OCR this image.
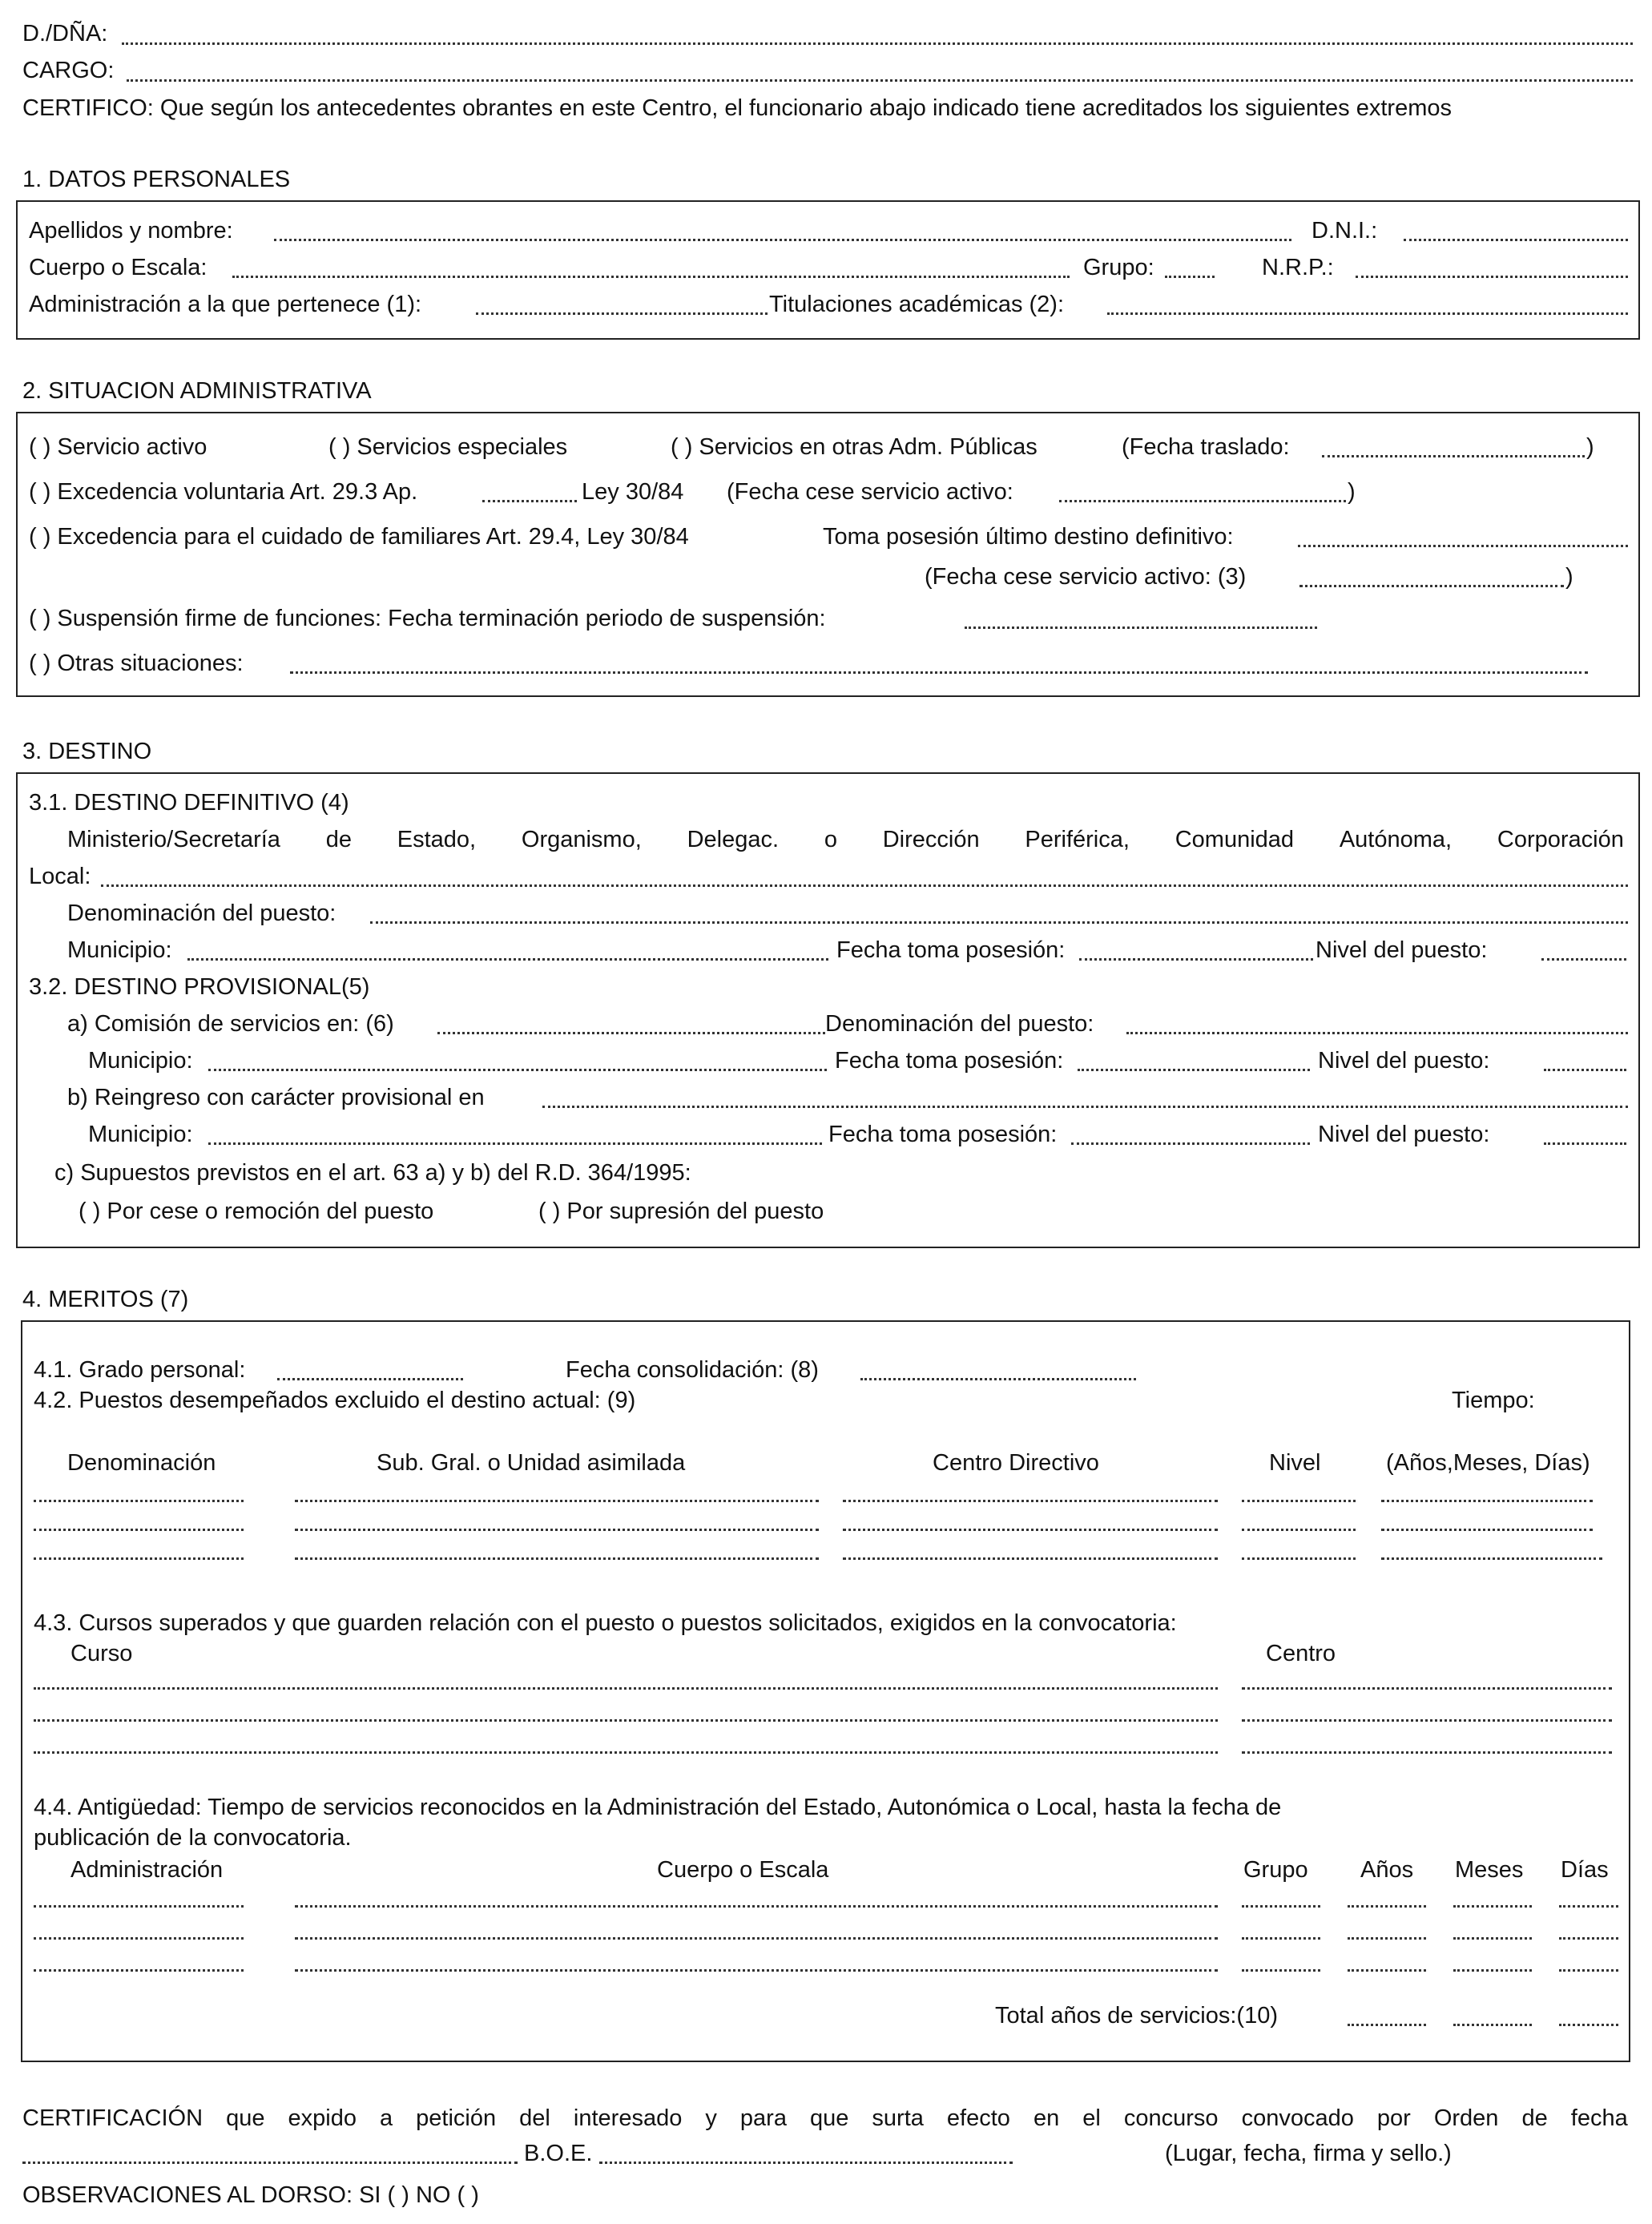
D./DÑA:
CARGO:
CERTIFICO: Que según los antecedentes obrantes en este Centro, el funcionario abajo indicado tiene acreditados los siguientes extremos
1. DATOS PERSONALES
Apellidos y nombre:	D.N.I.:
Cuerpo o Escala:	Grupo:	N.R.P.:
Administración a la que pertenece (1):	Titulaciones académicas (2):
2. SITUACION ADMINISTRATIVA
( ) Servicio activo	( ) Servicios especiales	( ) Servicios en otras Adm. Públicas	(Fecha traslado:	)
( ) Excedencia voluntaria Art. 29.3 Ap.	Ley 30/84 (Fecha cese servicio activo:	)
( ) Excedencia para el cuidado de familiares Art. 29.4, Ley 30/84	Toma posesión último destino definitivo:
(Fecha cese servicio activo: (3)	)
( ) Suspensión firme de funciones: Fecha terminación periodo de suspensión:
( ) Otras situaciones:
3. DESTINO
3.1. DESTINO DEFINITIVO (4)
Ministerio/Secretaría de Estado, Organismo, Delegac. o Dirección Periférica, Comunidad Autónoma, Corporación
Local:
Denominación del puesto:
Municipio:	Fecha toma posesión:	Nivel del puesto:
3.2. DESTINO PROVISIONAL(5)
a) Comisión de servicios en: (6)	Denominación del puesto:
Municipio:	Fecha toma posesión:	Nivel del puesto:
b) Reingreso con carácter provisional en
Municipio:	Fecha toma posesión:	Nivel del puesto:
c) Supuestos previstos en el art. 63 a) y b) del R.D. 364/1995:
( ) Por cese o remoción del puesto	( ) Por supresión del puesto
4. MERITOS (7)
4.1. Grado personal:	Fecha consolidación: (8)
4.2. Puestos desempeñados excluido el destino actual: (9)	Tiempo:
Denominación	Sub. Gral. o Unidad asimilada	Centro Directivo	Nivel	(Años,Meses, Días)
4.3. Cursos superados y que guarden relación con el puesto o puestos solicitados, exigidos en la convocatoria:
Curso	Centro
4.4. Antigüedad: Tiempo de servicios reconocidos en la Administración del Estado, Autonómica o Local, hasta la fecha de
publicación de la convocatoria.
Administración	Cuerpo o Escala	Grupo Años Meses Días
Total años de servicios:(10)
CERTIFICACIÓN que expido a petición del interesado y para que surta efecto en el concurso convocado por Orden de fecha
B.O.E.	(Lugar, fecha, firma y sello.)
OBSERVACIONES AL DORSO: SI ( ) NO ( )
